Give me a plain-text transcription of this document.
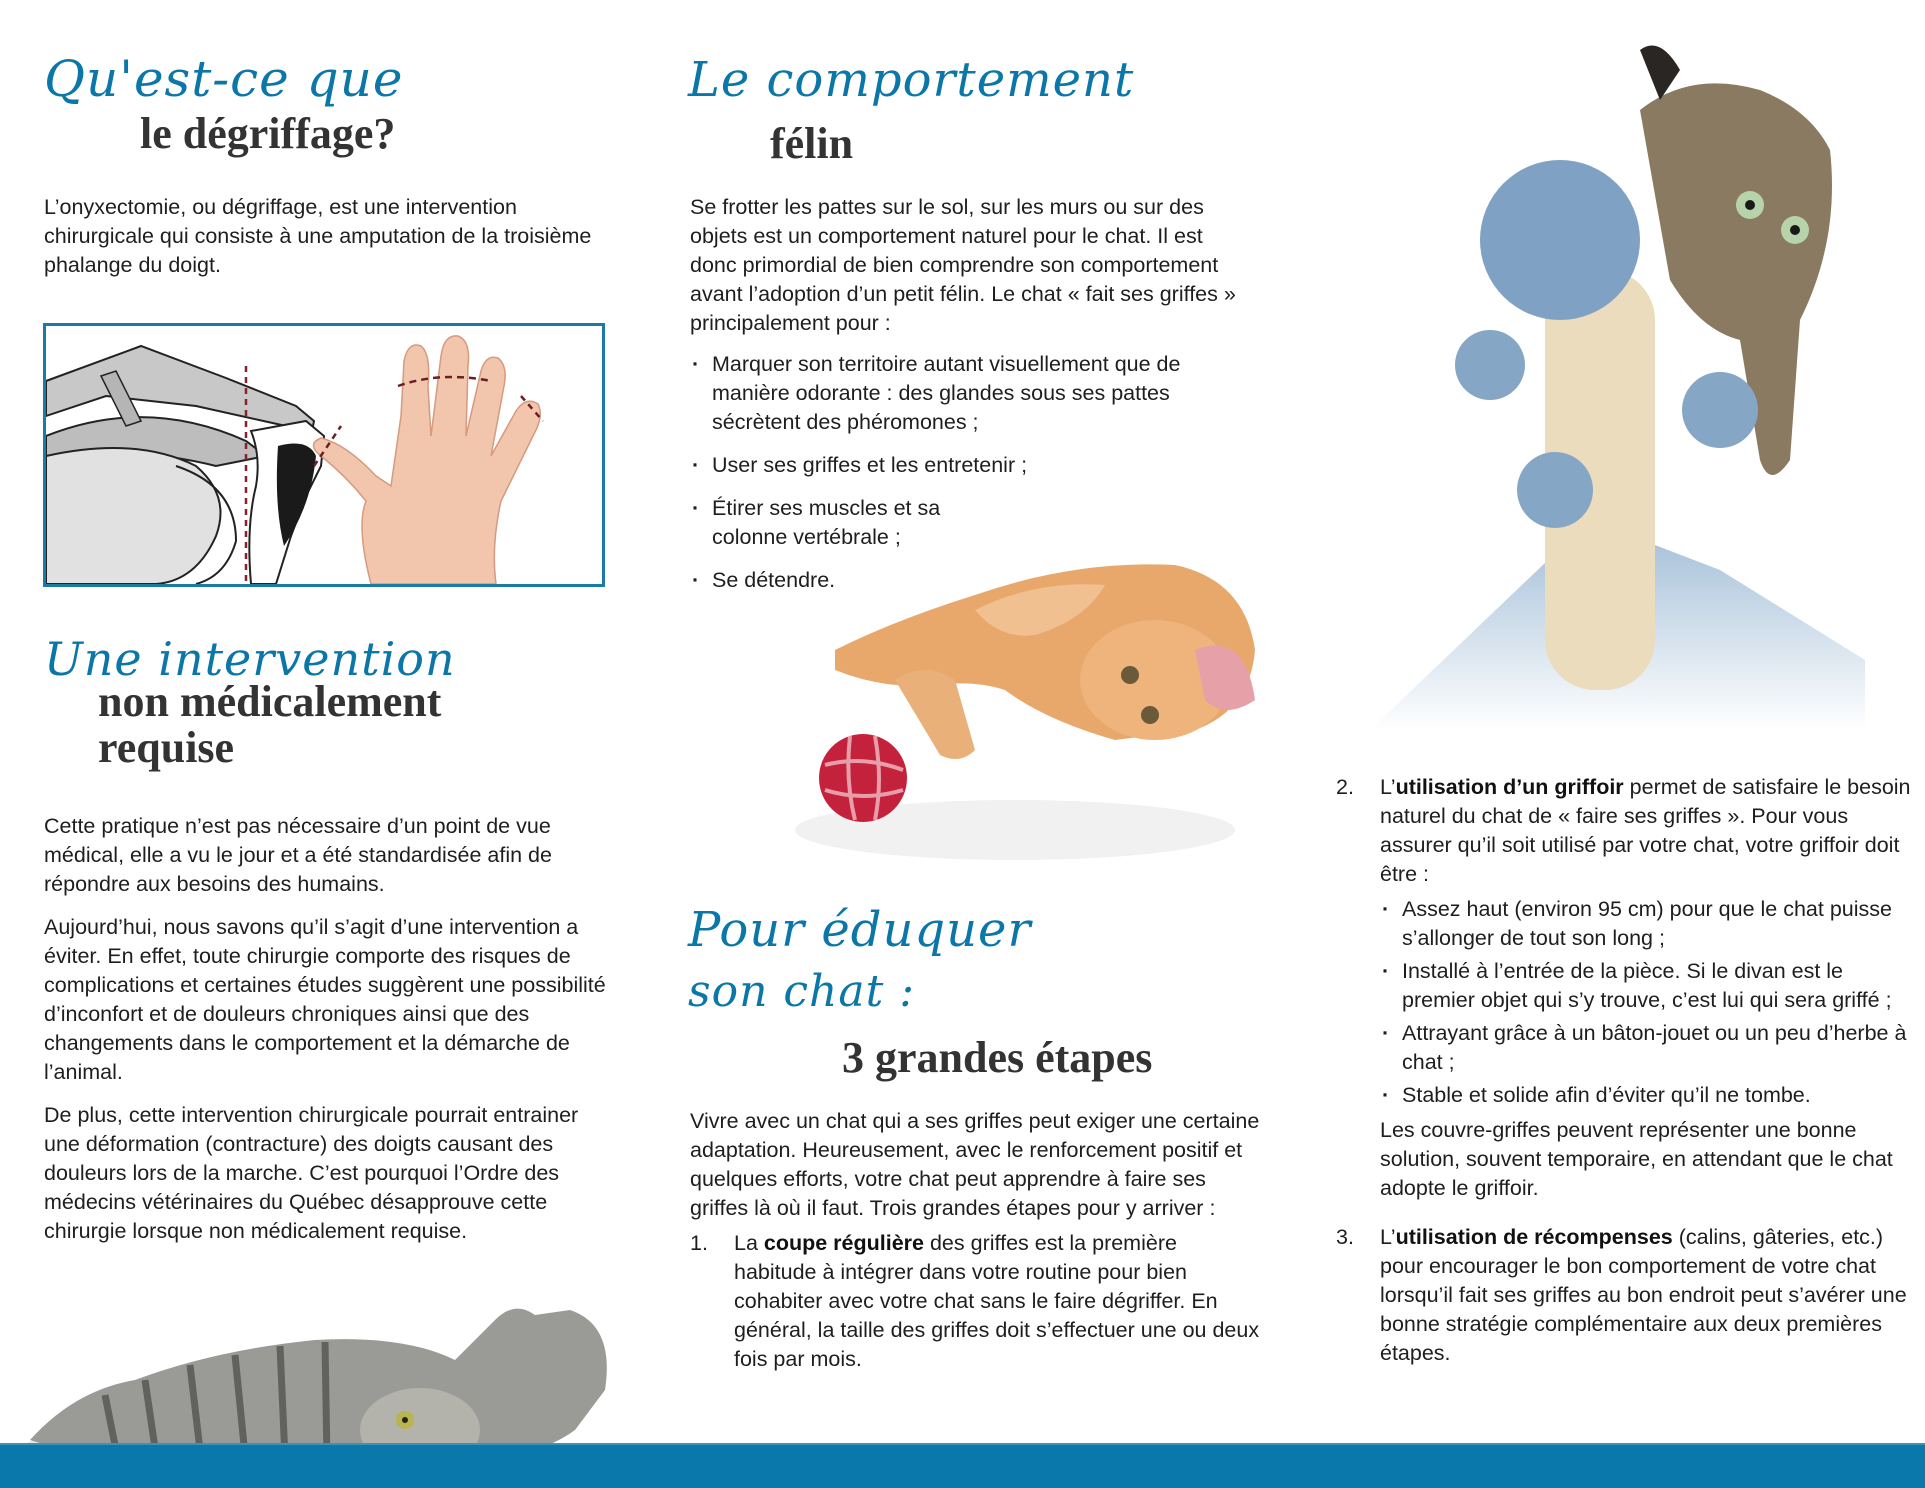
Qu'est-ce que
le dégriffage?

L’onyxectomie, ou dégriffage, est une intervention chirurgicale qui consiste à une amputation de la troisième phalange du doigt.

Une intervention
non médicalement
requise

Cette pratique n’est pas nécessaire d’un point de vue médical, elle a vu le jour et a été standardisée afin de répondre aux besoins des humains.

Aujourd’hui, nous savons qu’il s’agit d’une intervention a éviter. En effet, toute chirurgie comporte des risques de complications et certaines études suggèrent une possibilité d’inconfort et de douleurs chroniques ainsi que des changements dans le comportement et la démarche de l’animal.

De plus, cette intervention chirurgicale pourrait entrainer une déformation (contracture) des doigts causant des douleurs lors de la marche. C’est pourquoi l’Ordre des médecins vétérinaires du Québec désapprouve cette chirurgie lorsque non médicalement requise.

Le comportement
félin

Se frotter les pattes sur le sol, sur les murs ou sur des objets est un comportement naturel pour le chat. Il est donc primordial de bien comprendre son comportement avant l’adoption d’un petit félin. Le chat « fait ses griffes » principalement pour :

· Marquer son territoire autant visuellement que de manière odorante : des glandes sous ses pattes sécrètent des phéromones ;
· User ses griffes et les entretenir ;
· Étirer ses muscles et sa colonne vertébrale ;
· Se détendre.
Pour éduquer
son chat :
3 grandes étapes

Vivre avec un chat qui a ses griffes peut exiger une certaine adaptation. Heureusement, avec le renforcement positif et quelques efforts, votre chat peut apprendre à faire ses griffes là où il faut. Trois grandes étapes pour y arriver :

1. La coupe régulière des griffes est la première habitude à intégrer dans votre routine pour bien cohabiter avec votre chat sans le faire dégriffer. En général, la taille des griffes doit s’effectuer une ou deux fois par mois.
2. L’utilisation d’un griffoir permet de satisfaire le besoin naturel du chat de « faire ses griffes ». Pour vous assurer qu’il soit utilisé par votre chat, votre griffoir doit être :
· Assez haut (environ 95 cm) pour que le chat puisse s’allonger de tout son long ;
· Installé à l’entrée de la pièce. Si le divan est le premier objet qui s’y trouve, c’est lui qui sera griffé ;
· Attrayant grâce à un bâton-jouet ou un peu d’herbe à chat ;
· Stable et solide afin d’éviter qu’il ne tombe.

Les couvre-griffes peuvent représenter une bonne solution, souvent temporaire, en attendant que le chat adopte le griffoir.

3. L’utilisation de récompenses (calins, gâteries, etc.) pour encourager le bon comportement de votre chat lorsqu’il fait ses griffes au bon endroit peut s’avérer une bonne stratégie complémentaire aux deux premières étapes.
